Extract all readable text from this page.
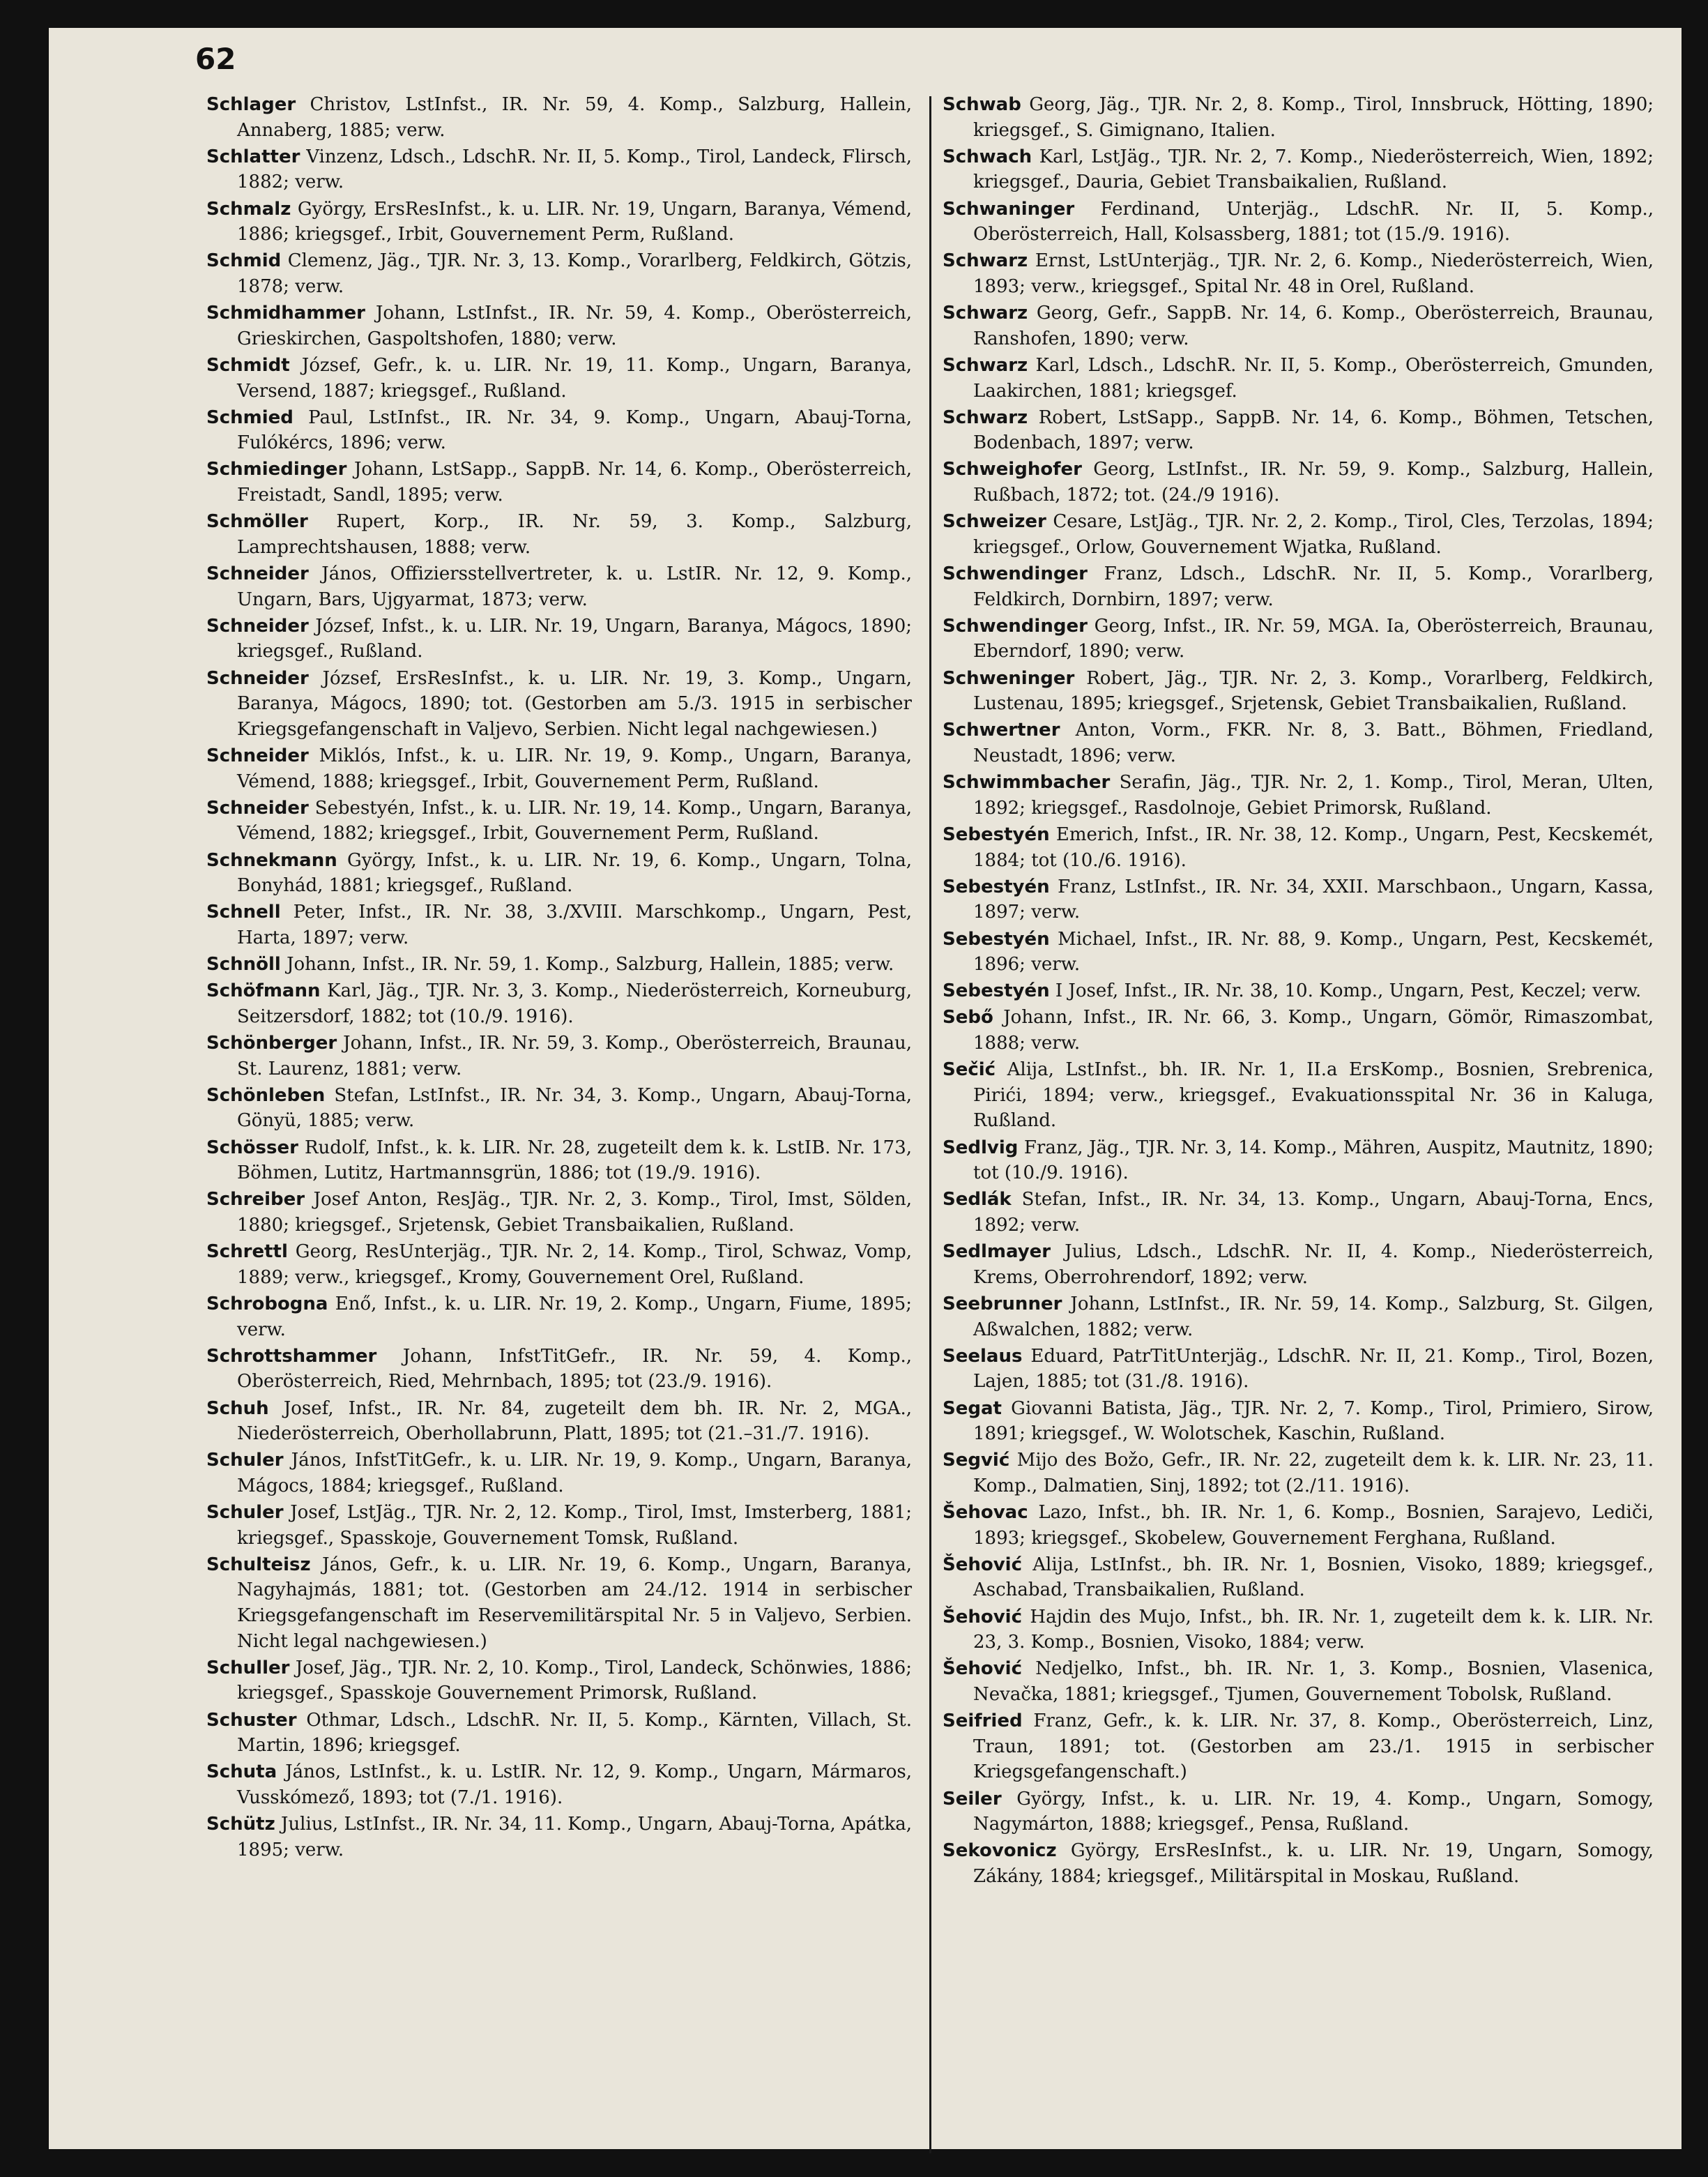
62

Schlager Christov, LstInfst., IR. Nr. 59, 4. Komp., Salzburg, Hallein, Annaberg, 1885; verw.

Schlatter Vinzenz, Ldsch., LdschR. Nr. II, 5. Komp., Tirol, Landeck, Flirsch, 1882; verw.

Schmalz György, ErsResInfst., k. u. LIR. Nr. 19, Ungarn, Baranya, Vémend, 1886; kriegsgef., Irbit, Gouvernement Perm, Rußland.

Schmid Clemenz, Jäg., TJR. Nr. 3, 13. Komp., Vorarlberg, Feldkirch, Götzis, 1878; verw.

Schmidhammer Johann, LstInfst., IR. Nr. 59, 4. Komp., Oberösterreich, Grieskirchen, Gaspoltshofen, 1880; verw.

Schmidt József, Gefr., k. u. LIR. Nr. 19, 11. Komp., Ungarn, Baranya, Versend, 1887; kriegsgef., Rußland.

Schmied Paul, LstInfst., IR. Nr. 34, 9. Komp., Ungarn, Abauj-Torna, Fulókércs, 1896; verw.

Schmiedinger Johann, LstSapp., SappB. Nr. 14, 6. Komp., Oberösterreich, Freistadt, Sandl, 1895; verw.

Schmöller Rupert, Korp., IR. Nr. 59, 3. Komp., Salzburg, Lamprechtshausen, 1888; verw.

Schneider János, Offiziersstellvertreter, k. u. LstIR. Nr. 12, 9. Komp., Ungarn, Bars, Ujgyarmat, 1873; verw.

Schneider József, Infst., k. u. LIR. Nr. 19, Ungarn, Baranya, Mágocs, 1890; kriegsgef., Rußland.

Schneider József, ErsResInfst., k. u. LIR. Nr. 19, 3. Komp., Ungarn, Baranya, Mágocs, 1890; tot. (Gestorben am 5./3. 1915 in serbischer Kriegsgefangenschaft in Valjevo, Serbien. Nicht legal nachgewiesen.)

Schneider Miklós, Infst., k. u. LIR. Nr. 19, 9. Komp., Ungarn, Baranya, Vémend, 1888; kriegsgef., Irbit, Gouvernement Perm, Rußland.

Schneider Sebestyén, Infst., k. u. LIR. Nr. 19, 14. Komp., Ungarn, Baranya, Vémend, 1882; kriegsgef., Irbit, Gouvernement Perm, Rußland.

Schnekmann György, Infst., k. u. LIR. Nr. 19, 6. Komp., Ungarn, Tolna, Bonyhád, 1881; kriegsgef., Rußland.

Schnell Peter, Infst., IR. Nr. 38, 3./XVIII. Marschkomp., Ungarn, Pest, Harta, 1897; verw.

Schnöll Johann, Infst., IR. Nr. 59, 1. Komp., Salzburg, Hallein, 1885; verw.

Schöfmann Karl, Jäg., TJR. Nr. 3, 3. Komp., Niederösterreich, Korneuburg, Seitzersdorf, 1882; tot (10./9. 1916).

Schönberger Johann, Infst., IR. Nr. 59, 3. Komp., Oberösterreich, Braunau, St. Laurenz, 1881; verw.

Schönleben Stefan, LstInfst., IR. Nr. 34, 3. Komp., Ungarn, Abauj-Torna, Gönyü, 1885; verw.

Schösser Rudolf, Infst., k. k. LIR. Nr. 28, zugeteilt dem k. k. LstIB. Nr. 173, Böhmen, Lutitz, Hartmannsgrün, 1886; tot (19./9. 1916).

Schreiber Josef Anton, ResJäg., TJR. Nr. 2, 3. Komp., Tirol, Imst, Sölden, 1880; kriegsgef., Srjetensk, Gebiet Transbaikalien, Rußland.

Schrettl Georg, ResUnterjäg., TJR. Nr. 2, 14. Komp., Tirol, Schwaz, Vomp, 1889; verw., kriegsgef., Kromy, Gouvernement Orel, Rußland.

Schrobogna Enő, Infst., k. u. LIR. Nr. 19, 2. Komp., Ungarn, Fiume, 1895; verw.

Schrottshammer Johann, InfstTitGefr., IR. Nr. 59, 4. Komp., Oberösterreich, Ried, Mehrnbach, 1895; tot (23./9. 1916).

Schuh Josef, Infst., IR. Nr. 84, zugeteilt dem bh. IR. Nr. 2, MGA., Niederösterreich, Oberhollabrunn, Platt, 1895; tot (21.–31./7. 1916).

Schuler János, InfstTitGefr., k. u. LIR. Nr. 19, 9. Komp., Ungarn, Baranya, Mágocs, 1884; kriegsgef., Rußland.

Schuler Josef, LstJäg., TJR. Nr. 2, 12. Komp., Tirol, Imst, Imsterberg, 1881; kriegsgef., Spasskoje, Gouvernement Tomsk, Rußland.

Schulteisz János, Gefr., k. u. LIR. Nr. 19, 6. Komp., Ungarn, Baranya, Nagyhajmás, 1881; tot. (Gestorben am 24./12. 1914 in serbischer Kriegsgefangenschaft im Reservemilitärspital Nr. 5 in Valjevo, Serbien. Nicht legal nachgewiesen.)

Schuller Josef, Jäg., TJR. Nr. 2, 10. Komp., Tirol, Landeck, Schönwies, 1886; kriegsgef., Spasskoje Gouvernement Primorsk, Rußland.

Schuster Othmar, Ldsch., LdschR. Nr. II, 5. Komp., Kärnten, Villach, St. Martin, 1896; kriegsgef.

Schuta János, LstInfst., k. u. LstIR. Nr. 12, 9. Komp., Ungarn, Mármaros, Vusskómező, 1893; tot (7./1. 1916).

Schütz Julius, LstInfst., IR. Nr. 34, 11. Komp., Ungarn, Abauj-Torna, Apátka, 1895; verw.

Schwab Georg, Jäg., TJR. Nr. 2, 8. Komp., Tirol, Innsbruck, Hötting, 1890; kriegsgef., S. Gimignano, Italien.

Schwach Karl, LstJäg., TJR. Nr. 2, 7. Komp., Niederösterreich, Wien, 1892; kriegsgef., Dauria, Gebiet Transbaikalien, Rußland.

Schwaninger Ferdinand, Unterjäg., LdschR. Nr. II, 5. Komp., Oberösterreich, Hall, Kolsassberg, 1881; tot (15./9. 1916).

Schwarz Ernst, LstUnterjäg., TJR. Nr. 2, 6. Komp., Niederösterreich, Wien, 1893; verw., kriegsgef., Spital Nr. 48 in Orel, Rußland.

Schwarz Georg, Gefr., SappB. Nr. 14, 6. Komp., Oberösterreich, Braunau, Ranshofen, 1890; verw.

Schwarz Karl, Ldsch., LdschR. Nr. II, 5. Komp., Oberösterreich, Gmunden, Laakirchen, 1881; kriegsgef.

Schwarz Robert, LstSapp., SappB. Nr. 14, 6. Komp., Böhmen, Tetschen, Bodenbach, 1897; verw.

Schweighofer Georg, LstInfst., IR. Nr. 59, 9. Komp., Salzburg, Hallein, Rußbach, 1872; tot. (24./9 1916).

Schweizer Cesare, LstJäg., TJR. Nr. 2, 2. Komp., Tirol, Cles, Terzolas, 1894; kriegsgef., Orlow, Gouvernement Wjatka, Rußland.

Schwendinger Franz, Ldsch., LdschR. Nr. II, 5. Komp., Vorarlberg, Feldkirch, Dornbirn, 1897; verw.

Schwendinger Georg, Infst., IR. Nr. 59, MGA. Ia, Oberösterreich, Braunau, Eberndorf, 1890; verw.

Schweninger Robert, Jäg., TJR. Nr. 2, 3. Komp., Vorarlberg, Feldkirch, Lustenau, 1895; kriegsgef., Srjetensk, Gebiet Transbaikalien, Rußland.

Schwertner Anton, Vorm., FKR. Nr. 8, 3. Batt., Böhmen, Friedland, Neustadt, 1896; verw.

Schwimmbacher Serafin, Jäg., TJR. Nr. 2, 1. Komp., Tirol, Meran, Ulten, 1892; kriegsgef., Rasdolnoje, Gebiet Primorsk, Rußland.

Sebestyén Emerich, Infst., IR. Nr. 38, 12. Komp., Ungarn, Pest, Kecskemét, 1884; tot (10./6. 1916).

Sebestyén Franz, LstInfst., IR. Nr. 34, XXII. Marschbaon., Ungarn, Kassa, 1897; verw.

Sebestyén Michael, Infst., IR. Nr. 88, 9. Komp., Ungarn, Pest, Kecskemét, 1896; verw.

Sebestyén I Josef, Infst., IR. Nr. 38, 10. Komp., Ungarn, Pest, Keczel; verw.

Sebő Johann, Infst., IR. Nr. 66, 3. Komp., Ungarn, Gömör, Rimaszombat, 1888; verw.

Sečić Alija, LstInfst., bh. IR. Nr. 1, II.a ErsKomp., Bosnien, Srebrenica, Pirići, 1894; verw., kriegsgef., Evakuationsspital Nr. 36 in Kaluga, Rußland.

Sedlvig Franz, Jäg., TJR. Nr. 3, 14. Komp., Mähren, Auspitz, Mautnitz, 1890; tot (10./9. 1916).

Sedlák Stefan, Infst., IR. Nr. 34, 13. Komp., Ungarn, Abauj-Torna, Encs, 1892; verw.

Sedlmayer Julius, Ldsch., LdschR. Nr. II, 4. Komp., Niederösterreich, Krems, Oberrohrendorf, 1892; verw.

Seebrunner Johann, LstInfst., IR. Nr. 59, 14. Komp., Salzburg, St. Gilgen, Aßwalchen, 1882; verw.

Seelaus Eduard, PatrTitUnterjäg., LdschR. Nr. II, 21. Komp., Tirol, Bozen, Lajen, 1885; tot (31./8. 1916).

Segat Giovanni Batista, Jäg., TJR. Nr. 2, 7. Komp., Tirol, Primiero, Sirow, 1891; kriegsgef., W. Wolotschek, Kaschin, Rußland.

Segvić Mijo des Božo, Gefr., IR. Nr. 22, zugeteilt dem k. k. LIR. Nr. 23, 11. Komp., Dalmatien, Sinj, 1892; tot (2./11. 1916).

Šehovac Lazo, Infst., bh. IR. Nr. 1, 6. Komp., Bosnien, Sarajevo, Lediči, 1893; kriegsgef., Skobelew, Gouvernement Ferghana, Rußland.

Šehović Alija, LstInfst., bh. IR. Nr. 1, Bosnien, Visoko, 1889; kriegsgef., Aschabad, Transbaikalien, Rußland.

Šehović Hajdin des Mujo, Infst., bh. IR. Nr. 1, zugeteilt dem k. k. LIR. Nr. 23, 3. Komp., Bosnien, Visoko, 1884; verw.

Šehović Nedjelko, Infst., bh. IR. Nr. 1, 3. Komp., Bosnien, Vlasenica, Nevačka, 1881; kriegsgef., Tjumen, Gouvernement Tobolsk, Rußland.

Seifried Franz, Gefr., k. k. LIR. Nr. 37, 8. Komp., Oberösterreich, Linz, Traun, 1891; tot. (Gestorben am 23./1. 1915 in serbischer Kriegsgefangenschaft.)

Seiler György, Infst., k. u. LIR. Nr. 19, 4. Komp., Ungarn, Somogy, Nagymárton, 1888; kriegsgef., Pensa, Rußland.

Sekovonicz György, ErsResInfst., k. u. LIR. Nr. 19, Ungarn, Somogy, Zákány, 1884; kriegsgef., Militärspital in Moskau, Rußland.
